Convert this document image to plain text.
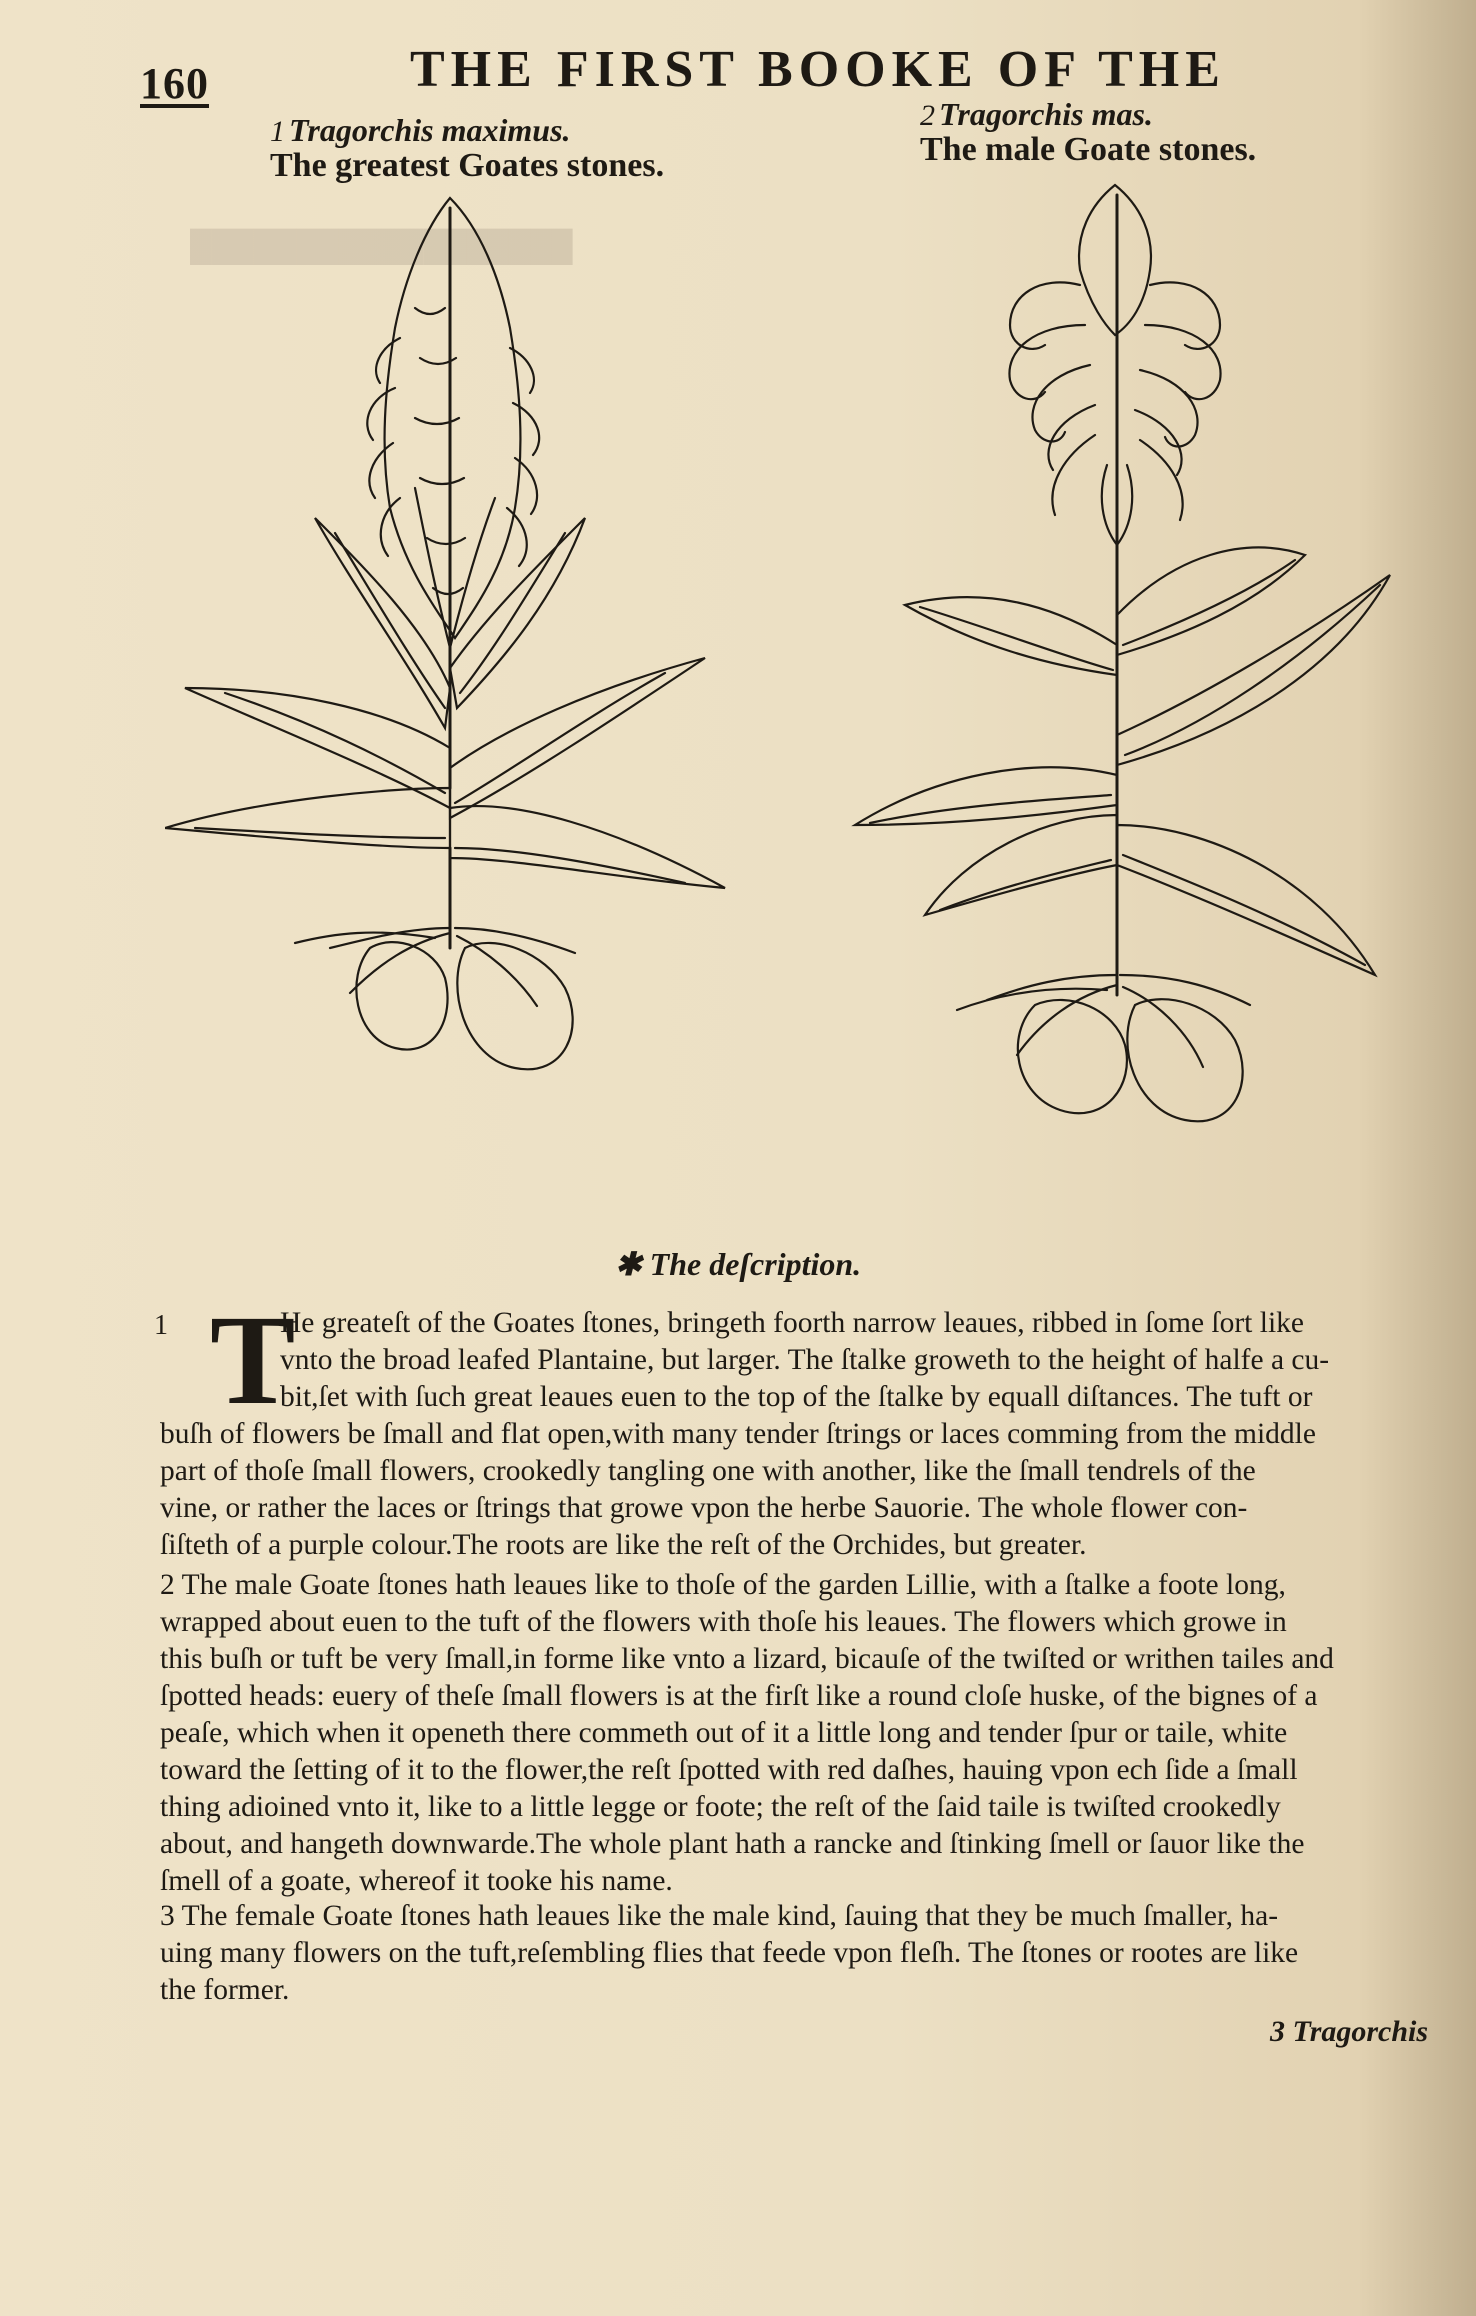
██████████████████
160	THE FIRST BOOKE OF THE
1 Tragorchis maximus.
The greatest Goates stones.
2 Tragorchis mas.
The male Goate stones.
✱ The deſcription.
1 T
He greateſt of the Goates ſtones, bringeth foorth narrow leaues, ribbed in ſome ſort like
vnto the broad leafed Plantaine, but larger. The ſtalke groweth to the height of halfe a cu-
bit,ſet with ſuch great leaues euen to the top of the ſtalke by equall diſtances. The tuft or
buſh of flowers be ſmall and flat open,with many tender ſtrings or laces comming from the middle
part of thoſe ſmall flowers, crookedly tangling one with another, like the ſmall tendrels of the
vine, or rather the laces or ſtrings that growe vpon the herbe Sauorie. The whole flower con-
ſiſteth of a purple colour.The roots are like the reſt of the Orchides, but greater.
2 The male Goate ſtones hath leaues like to thoſe of the garden Lillie, with a ſtalke a foote long,
wrapped about euen to the tuft of the flowers with thoſe his leaues. The flowers which growe in
this buſh or tuft be very ſmall,in forme like vnto a lizard, bicauſe of the twiſted or writhen tailes and
ſpotted heads: euery of theſe ſmall flowers is at the firſt like a round cloſe huske, of the bignes of a
peaſe, which when it openeth there commeth out of it a little long and tender ſpur or taile, white
toward the ſetting of it to the flower,the reſt ſpotted with red daſhes, hauing vpon ech ſide a ſmall
thing adioined vnto it, like to a little legge or foote; the reſt of the ſaid taile is twiſted crookedly
about, and hangeth downwarde.The whole plant hath a rancke and ſtinking ſmell or ſauor like the
ſmell of a goate, whereof it tooke his name.
3 The female Goate ſtones hath leaues like the male kind, ſauing that they be much ſmaller, ha-
uing many flowers on the tuft,reſembling flies that feede vpon fleſh. The ſtones or rootes are like
the former.
3 Tragorchis
